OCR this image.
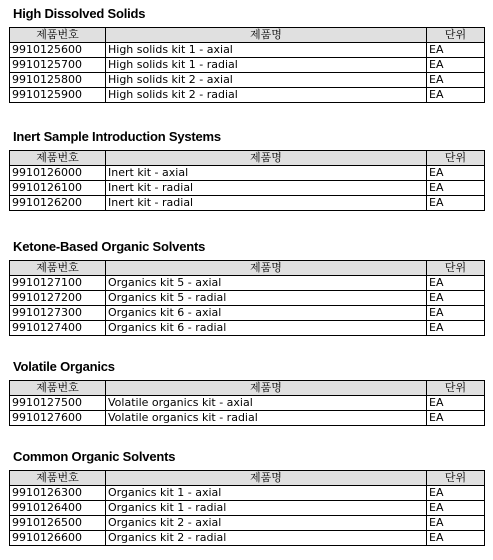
High Dissolved Solids
제품번호	제품명	단위
9910125600	High solids kit 1 - axial	EA
9910125700	High solids kit 1 - radial	EA
9910125800	High solids kit 2 - axial	EA
9910125900	High solids kit 2 - radial	EA
Inert Sample Introduction Systems
제품번호	제품명	단위
9910126000	Inert kit - axial	EA
9910126100	Inert kit - radial	EA
9910126200	Inert kit - radial	EA
Ketone-Based Organic Solvents
제품번호	제품명	단위
9910127100	Organics kit 5 - axial	EA
9910127200	Organics kit 5 - radial	EA
9910127300	Organics kit 6 - axial	EA
9910127400	Organics kit 6 - radial	EA
Volatile Organics
제품번호	제품명	단위
9910127500	Volatile organics kit - axial	EA
9910127600	Volatile organics kit - radial	EA
Common Organic Solvents
제품번호	제품명	단위
9910126300	Organics kit 1 - axial	EA
9910126400	Organics kit 1 - radial	EA
9910126500	Organics kit 2 - axial	EA
9910126600	Organics kit 2 - radial	EA
